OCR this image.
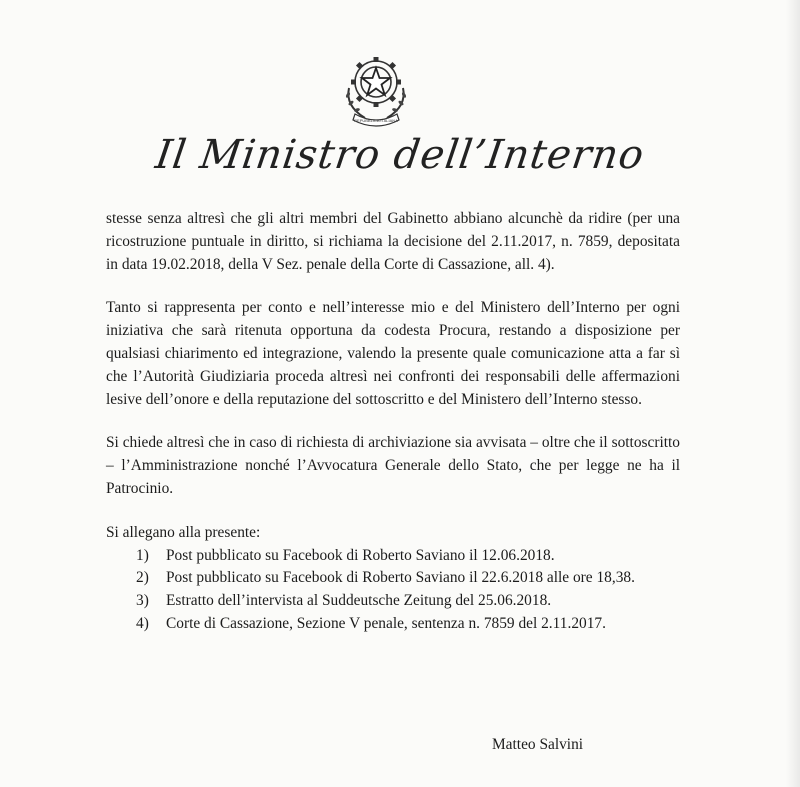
REPUBBLICA ITALIANA
Il Ministro dell’Interno

stesse senza altresì che gli altri membri del Gabinetto abbiano alcunchè da ridire (per una ricostruzione puntuale in diritto, si richiama la decisione del 2.11.2017, n. 7859, depositata in data 19.02.2018, della V Sez. penale della Corte di Cassazione, all. 4).

Tanto si rappresenta per conto e nell’interesse mio e del Ministero dell’Interno per ogni iniziativa che sarà ritenuta opportuna da codesta Procura, restando a disposizione per qualsiasi chiarimento ed integrazione, valendo la presente quale comunicazione atta a far sì che l’Autorità Giudiziaria proceda altresì nei confronti dei responsabili delle affermazioni lesive dell’onore e della reputazione del sottoscritto e del Ministero dell’Interno stesso.

Si chiede altresì che in caso di richiesta di archiviazione sia avvisata – oltre che il sottoscritto – l’Amministrazione nonché l’Avvocatura Generale dello Stato, che per legge ne ha il Patrocinio.

Si allegano alla presente:
1)	Post pubblicato su Facebook di Roberto Saviano il 12.06.2018.
2)	Post pubblicato su Facebook di Roberto Saviano il 22.6.2018 alle ore 18,38.
3)	Estratto dell’intervista al Suddeutsche Zeitung del 25.06.2018.
4)	Corte di Cassazione, Sezione V penale, sentenza n. 7859 del 2.11.2017.
Matteo Salvini
